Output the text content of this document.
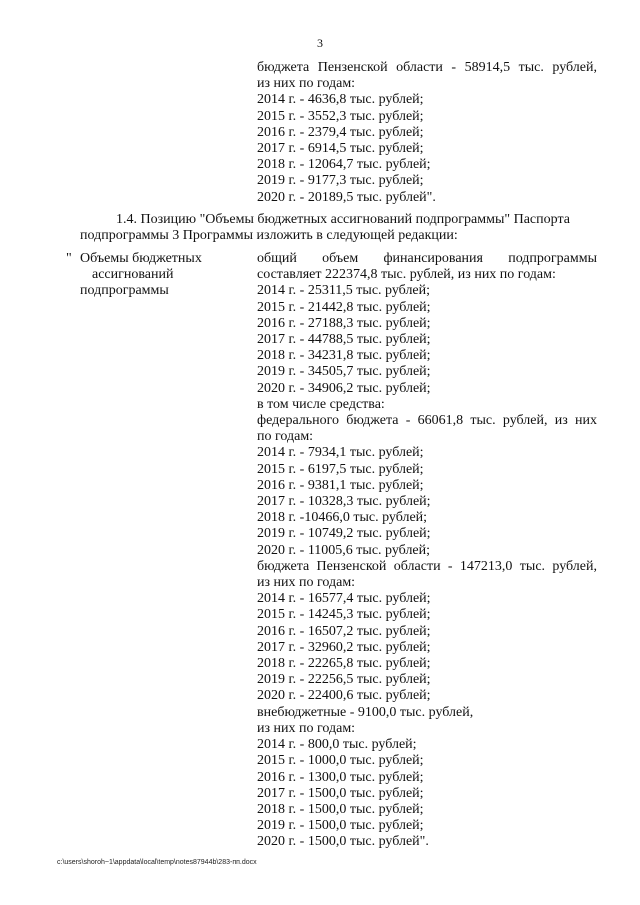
3
бюджета Пензенской области - 58914,5 тыс. рублей,
из них по годам:
2014 г. - 4636,8 тыс. рублей;
2015 г. - 3552,3 тыс. рублей;
2016 г. - 2379,4 тыс. рублей;
2017 г. - 6914,5 тыс. рублей;
2018 г. - 12064,7 тыс. рублей;
2019 г. - 9177,3 тыс. рублей;
2020 г. - 20189,5 тыс. рублей".
1.4. Позицию "Объемы бюджетных ассигнований подпрограммы" Паспорта
подпрограммы 3 Программы изложить в следующей редакции:
" Объемы бюджетных
ассигнований
подпрограммы
общий объем финансирования подпрограммы
составляет 222374,8 тыс. рублей, из них по годам:
2014 г. - 25311,5 тыс. рублей;
2015 г. - 21442,8 тыс. рублей;
2016 г. - 27188,3 тыс. рублей;
2017 г. - 44788,5 тыс. рублей;
2018 г. - 34231,8 тыс. рублей;
2019 г. - 34505,7 тыс. рублей;
2020 г. - 34906,2 тыс. рублей;
в том числе средства:
федерального бюджета - 66061,8 тыс. рублей, из них
по годам:
2014 г. - 7934,1 тыс. рублей;
2015 г. - 6197,5 тыс. рублей;
2016 г. - 9381,1 тыс. рублей;
2017 г. - 10328,3 тыс. рублей;
2018 г. -10466,0 тыс. рублей;
2019 г. - 10749,2 тыс. рублей;
2020 г. - 11005,6 тыс. рублей;
бюджета Пензенской области - 147213,0 тыс. рублей,
из них по годам:
2014 г. - 16577,4 тыс. рублей;
2015 г. - 14245,3 тыс. рублей;
2016 г. - 16507,2 тыс. рублей;
2017 г. - 32960,2 тыс. рублей;
2018 г. - 22265,8 тыс. рублей;
2019 г. - 22256,5 тыс. рублей;
2020 г. - 22400,6 тыс. рублей;
внебюджетные - 9100,0 тыс. рублей,
из них по годам:
2014 г. - 800,0 тыс. рублей;
2015 г. - 1000,0 тыс. рублей;
2016 г. - 1300,0 тыс. рублей;
2017 г. - 1500,0 тыс. рублей;
2018 г. - 1500,0 тыс. рублей;
2019 г. - 1500,0 тыс. рублей;
2020 г. - 1500,0 тыс. рублей".
c:\users\shoroh~1\appdata\local\temp\notes87944b\283-пп.docx
